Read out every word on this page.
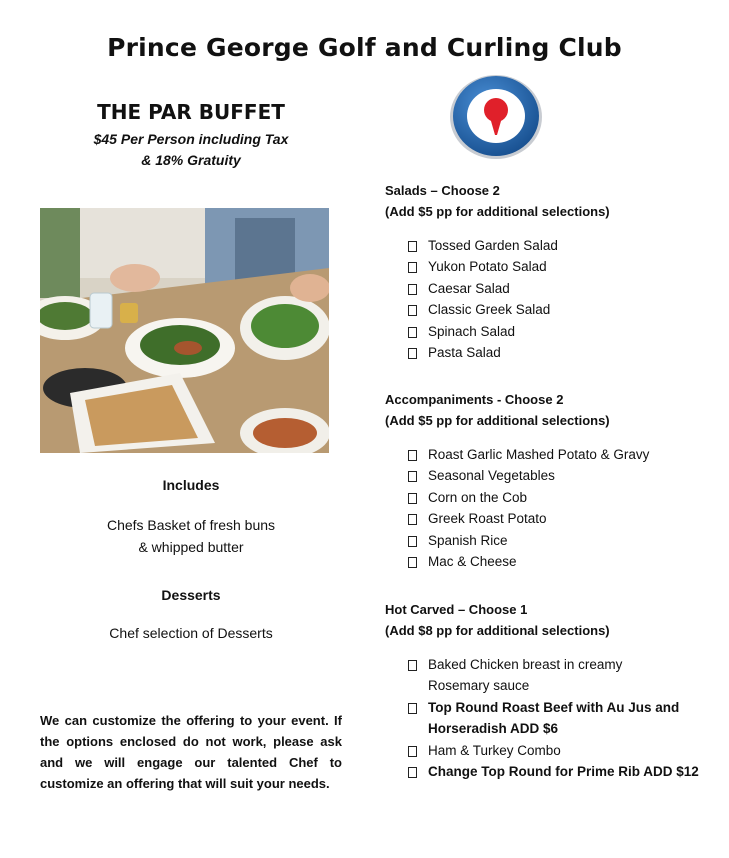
Prince George Golf and Curling Club
THE PAR BUFFET
$45 Per Person including Tax
& 18% Gratuity
Includes
Chefs Basket of fresh buns
& whipped butter
Desserts
Chef selection of Desserts
We can customize the offering to your event. If the options enclosed do not work, please ask and we will engage our talented Chef to customize an offering that will suit your needs.
Salads – Choose 2
(Add $5 pp for additional selections)
Tossed Garden Salad
Yukon Potato Salad
Caesar Salad
Classic Greek Salad
Spinach Salad
Pasta Salad
Accompaniments - Choose 2
(Add $5 pp for additional selections)
Roast Garlic Mashed Potato & Gravy
Seasonal Vegetables
Corn on the Cob
Greek Roast Potato
Spanish Rice
Mac & Cheese
Hot Carved – Choose 1
(Add $8 pp for additional selections)
Baked Chicken breast in creamy
Rosemary sauce
Top Round Roast Beef with Au Jus and
Horseradish ADD $6
Ham & Turkey Combo
Change Top Round for Prime Rib ADD $12
